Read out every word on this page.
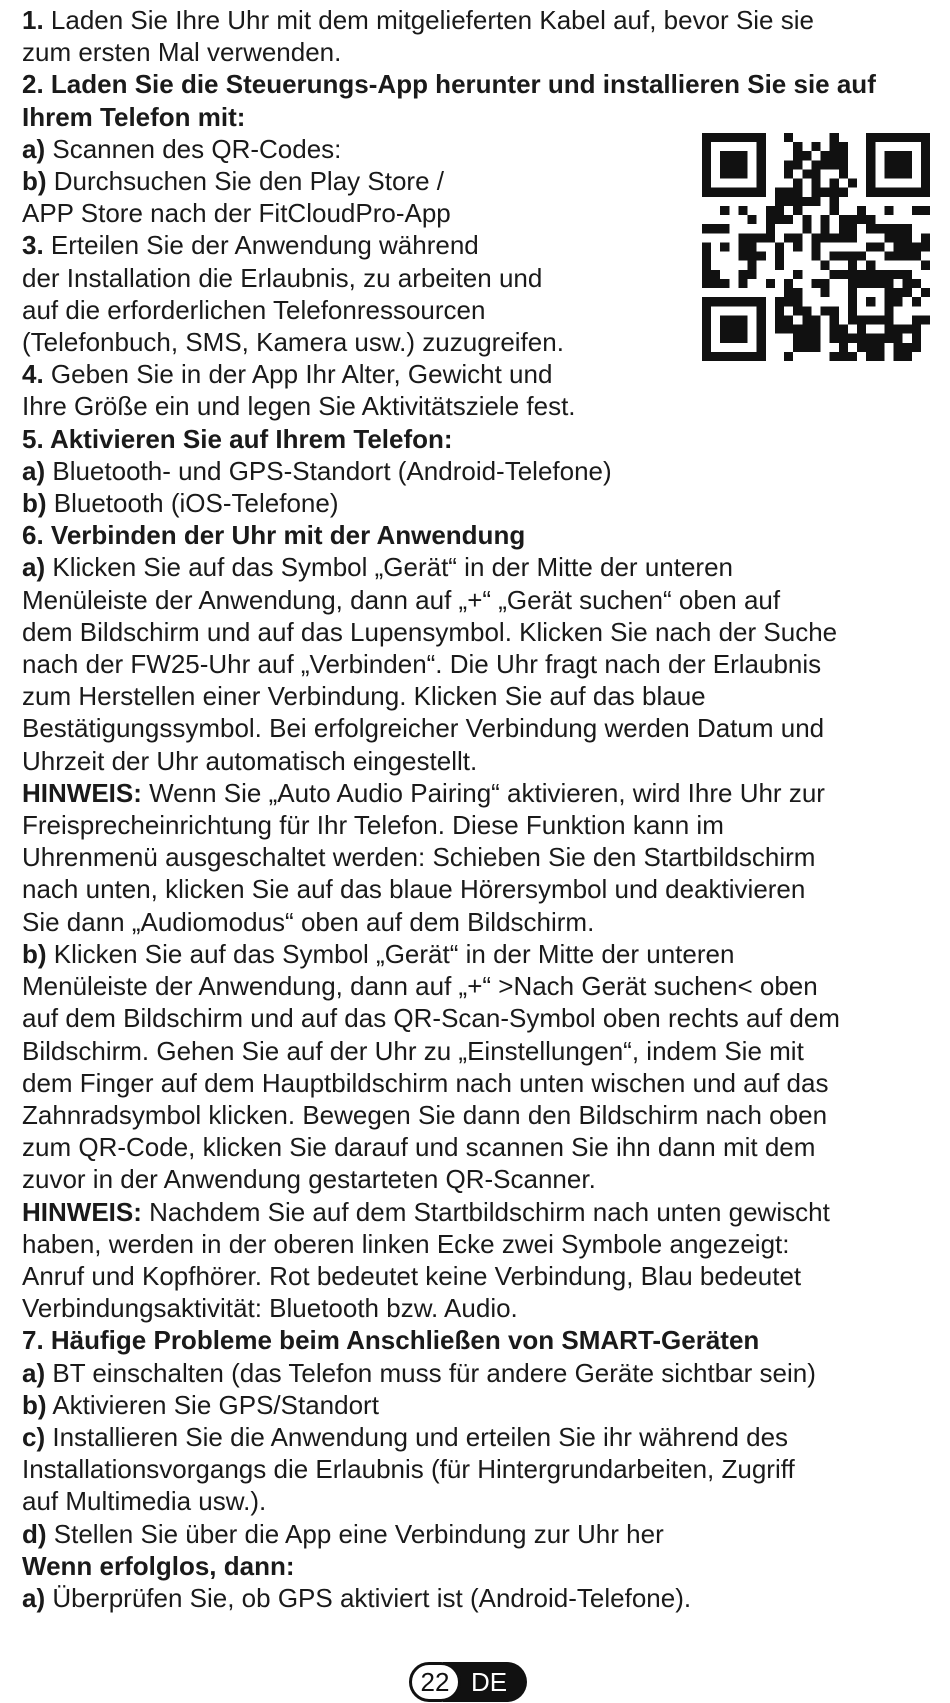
1. Laden Sie Ihre Uhr mit dem mitgelieferten Kabel auf, bevor Sie sie
zum ersten Mal verwenden.
2. Laden Sie die Steuerungs-App herunter und installieren Sie sie auf
Ihrem Telefon mit:
a) Scannen des QR-Codes:
b) Durchsuchen Sie den Play Store /
APP Store nach der FitCloudPro-App
3. Erteilen Sie der Anwendung während
der Installation die Erlaubnis, zu arbeiten und
auf die erforderlichen Telefonressourcen
(Telefonbuch, SMS, Kamera usw.) zuzugreifen.
4. Geben Sie in der App Ihr Alter, Gewicht und
Ihre Größe ein und legen Sie Aktivitätsziele fest.
5. Aktivieren Sie auf Ihrem Telefon:
a) Bluetooth- und GPS-Standort (Android-Telefone)
b) Bluetooth (iOS-Telefone)
6. Verbinden der Uhr mit der Anwendung
a) Klicken Sie auf das Symbol „Gerät“ in der Mitte der unteren
Menüleiste der Anwendung, dann auf „+“ „Gerät suchen“ oben auf
dem Bildschirm und auf das Lupensymbol. Klicken Sie nach der Suche
nach der FW25-Uhr auf „Verbinden“. Die Uhr fragt nach der Erlaubnis
zum Herstellen einer Verbindung. Klicken Sie auf das blaue
Bestätigungssymbol. Bei erfolgreicher Verbindung werden Datum und
Uhrzeit der Uhr automatisch eingestellt.
HINWEIS: Wenn Sie „Auto Audio Pairing“ aktivieren, wird Ihre Uhr zur
Freisprecheinrichtung für Ihr Telefon. Diese Funktion kann im
Uhrenmenü ausgeschaltet werden: Schieben Sie den Startbildschirm
nach unten, klicken Sie auf das blaue Hörersymbol und deaktivieren
Sie dann „Audiomodus“ oben auf dem Bildschirm.
b) Klicken Sie auf das Symbol „Gerät“ in der Mitte der unteren
Menüleiste der Anwendung, dann auf „+“ >Nach Gerät suchen< oben
auf dem Bildschirm und auf das QR-Scan-Symbol oben rechts auf dem
Bildschirm. Gehen Sie auf der Uhr zu „Einstellungen“, indem Sie mit
dem Finger auf dem Hauptbildschirm nach unten wischen und auf das
Zahnradsymbol klicken. Bewegen Sie dann den Bildschirm nach oben
zum QR-Code, klicken Sie darauf und scannen Sie ihn dann mit dem
zuvor in der Anwendung gestarteten QR-Scanner.
HINWEIS: Nachdem Sie auf dem Startbildschirm nach unten gewischt
haben, werden in der oberen linken Ecke zwei Symbole angezeigt:
Anruf und Kopfhörer. Rot bedeutet keine Verbindung, Blau bedeutet
Verbindungsaktivität: Bluetooth bzw. Audio.
7. Häufige Probleme beim Anschließen von SMART-Geräten
a) BT einschalten (das Telefon muss für andere Geräte sichtbar sein)
b) Aktivieren Sie GPS/Standort
c) Installieren Sie die Anwendung und erteilen Sie ihr während des
Installationsvorgangs die Erlaubnis (für Hintergrundarbeiten, Zugriff
auf Multimedia usw.).
d) Stellen Sie über die App eine Verbindung zur Uhr her
Wenn erfolglos, dann:
a) Überprüfen Sie, ob GPS aktiviert ist (Android-Telefone).
22 DE
